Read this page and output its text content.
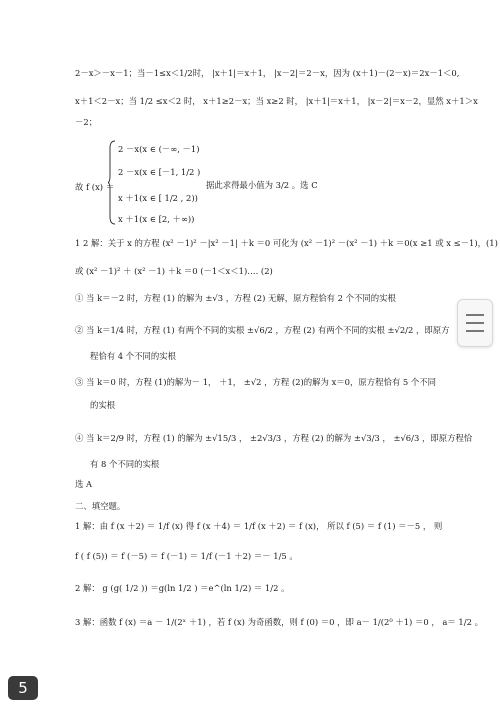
2－x＞－x－1；当－1≤x＜1/2时， |x＋1|＝x＋1， |x－2|＝2－x，因为 (x＋1)－(2－x)＝2x－1＜0,
x＋1＜2－x；当 1/2 ≤x＜2 时， x＋1≥2－x；当 x≥2 时， |x＋1|＝x＋1， |x－2|＝x－2，显然 x＋1＞x
－2；
故 f (x) ＝
2 －x(x ∈ (－∞, －1)
2 －x(x ∈ [－1, 1/2 )
x ＋1(x ∈ [ 1/2 , 2))
x ＋1(x ∈ [2, ＋∞))
据此求得最小值为 3/2 。选 C
1 2 解：关于 x 的方程 (x² －1)² －|x² －1| ＋k ＝0 可化为 (x² －1)² －(x² －1) ＋k ＝0(x ≥1 或 x ≤－1)，(1)
或 (x² －1)² ＋ (x² －1) ＋k ＝0 (－1＜x＜1)…. (2)
① 当 k＝－2 时，方程 (1) 的解为 ±√3 ，方程 (2) 无解，原方程恰有 2 个不同的实根
② 当 k＝1/4 时，方程 (1) 有两个不同的实根 ±√6/2 ，方程 (2) 有两个不同的实根 ±√2/2 ，即原方
程恰有 4 个不同的实根
③ 当 k＝0 时，方程 (1)的解为－ 1， ＋1， ±√2 ，方程 (2)的解为 x＝0，原方程恰有 5 个不同
的实根
④ 当 k＝2/9 时，方程 (1) 的解为 ±√15/3 ， ±2√3/3 ，方程 (2) 的解为 ±√3/3 ， ±√6/3 ，即原方程恰
有 8 个不同的实根
选 A
二、填空题。
1 解：由 f (x ＋2) ＝ 1/f (x) 得 f (x ＋4) ＝ 1/f (x ＋2) ＝ f (x)， 所以 f (5) ＝ f (1) ＝－5 ， 则
f ( f (5)) ＝ f (－5) ＝ f (－1) ＝ 1/f (－1 ＋2) ＝－ 1/5 。
2 解： g (g( 1/2 )) ＝g(ln 1/2 ) ＝e^(ln 1/2) ＝ 1/2 。
3 解：函数 f (x) ＝a － 1/(2ˣ ＋1) ，若 f (x) 为奇函数，则 f (0) ＝0 ，即 a－ 1/(2⁰ ＋1) ＝0 ， a＝ 1/2 。
5
